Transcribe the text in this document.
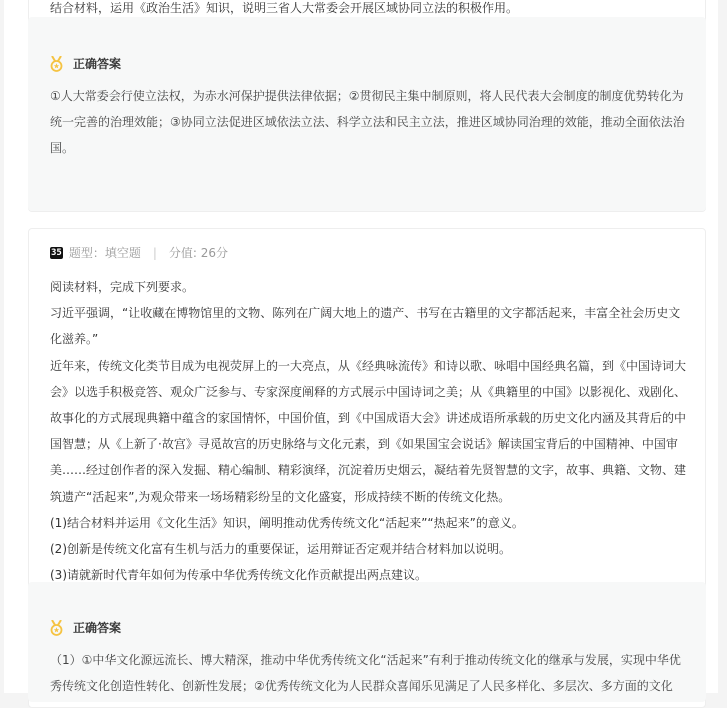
结合材料，运用《政治生活》知识，说明三省人大常委会开展区域协同立法的积极作用。
正确答案
①人大常委会行使立法权，为赤水河保护提供法律依据；②贯彻民主集中制原则，将人民代表大会制度的制度优势转化为统一完善的治理效能；③协同立法促进区域依法立法、科学立法和民主立法，推进区域协同治理的效能，推动全面依法治国。
35 题型：填空题 | 分值: 26分

阅读材料，完成下列要求。

习近平强调，“让收藏在博物馆里的文物、陈列在广阔大地上的遗产、书写在古籍里的文字都活起来，丰富全社会历史文化滋养。”

近年来，传统文化类节目成为电视荧屏上的一大亮点，从《经典咏流传》和诗以歌、咏唱中国经典名篇，到《中国诗词大会》以选手积极竞答、观众广泛参与、专家深度阐释的方式展示中国诗词之美；从《典籍里的中国》以影视化、戏剧化、故事化的方式展现典籍中蕴含的家国情怀，中国价值，到《中国成语大会》讲述成语所承载的历史文化内涵及其背后的中国智慧；从《上新了·故宫》寻觅故宫的历史脉络与文化元素，到《如果国宝会说话》解读国宝背后的中国精神、中国审美……经过创作者的深入发掘、精心编制、精彩演绎，沉淀着历史烟云，凝结着先贤智慧的文字，故事、典籍、文物、建筑遗产“活起来”,为观众带来一场场精彩纷呈的文化盛宴，形成持续不断的传统文化热。

(1)结合材料并运用《文化生活》知识，阐明推动优秀传统文化“活起来”“热起来”的意义。

(2)创新是传统文化富有生机与活力的重要保证，运用辩证否定观并结合材料加以说明。

(3)请就新时代青年如何为传承中华优秀传统文化作贡献提出两点建议。

正确答案
（1）①中华文化源远流长、博大精深，推动中华优秀传统文化“活起来”有利于推动传统文化的继承与发展，实现中华优秀传统文化创造性转化、创新性发展；②优秀传统文化为人民群众喜闻乐见满足了人民多样化、多层次、多方面的文化
